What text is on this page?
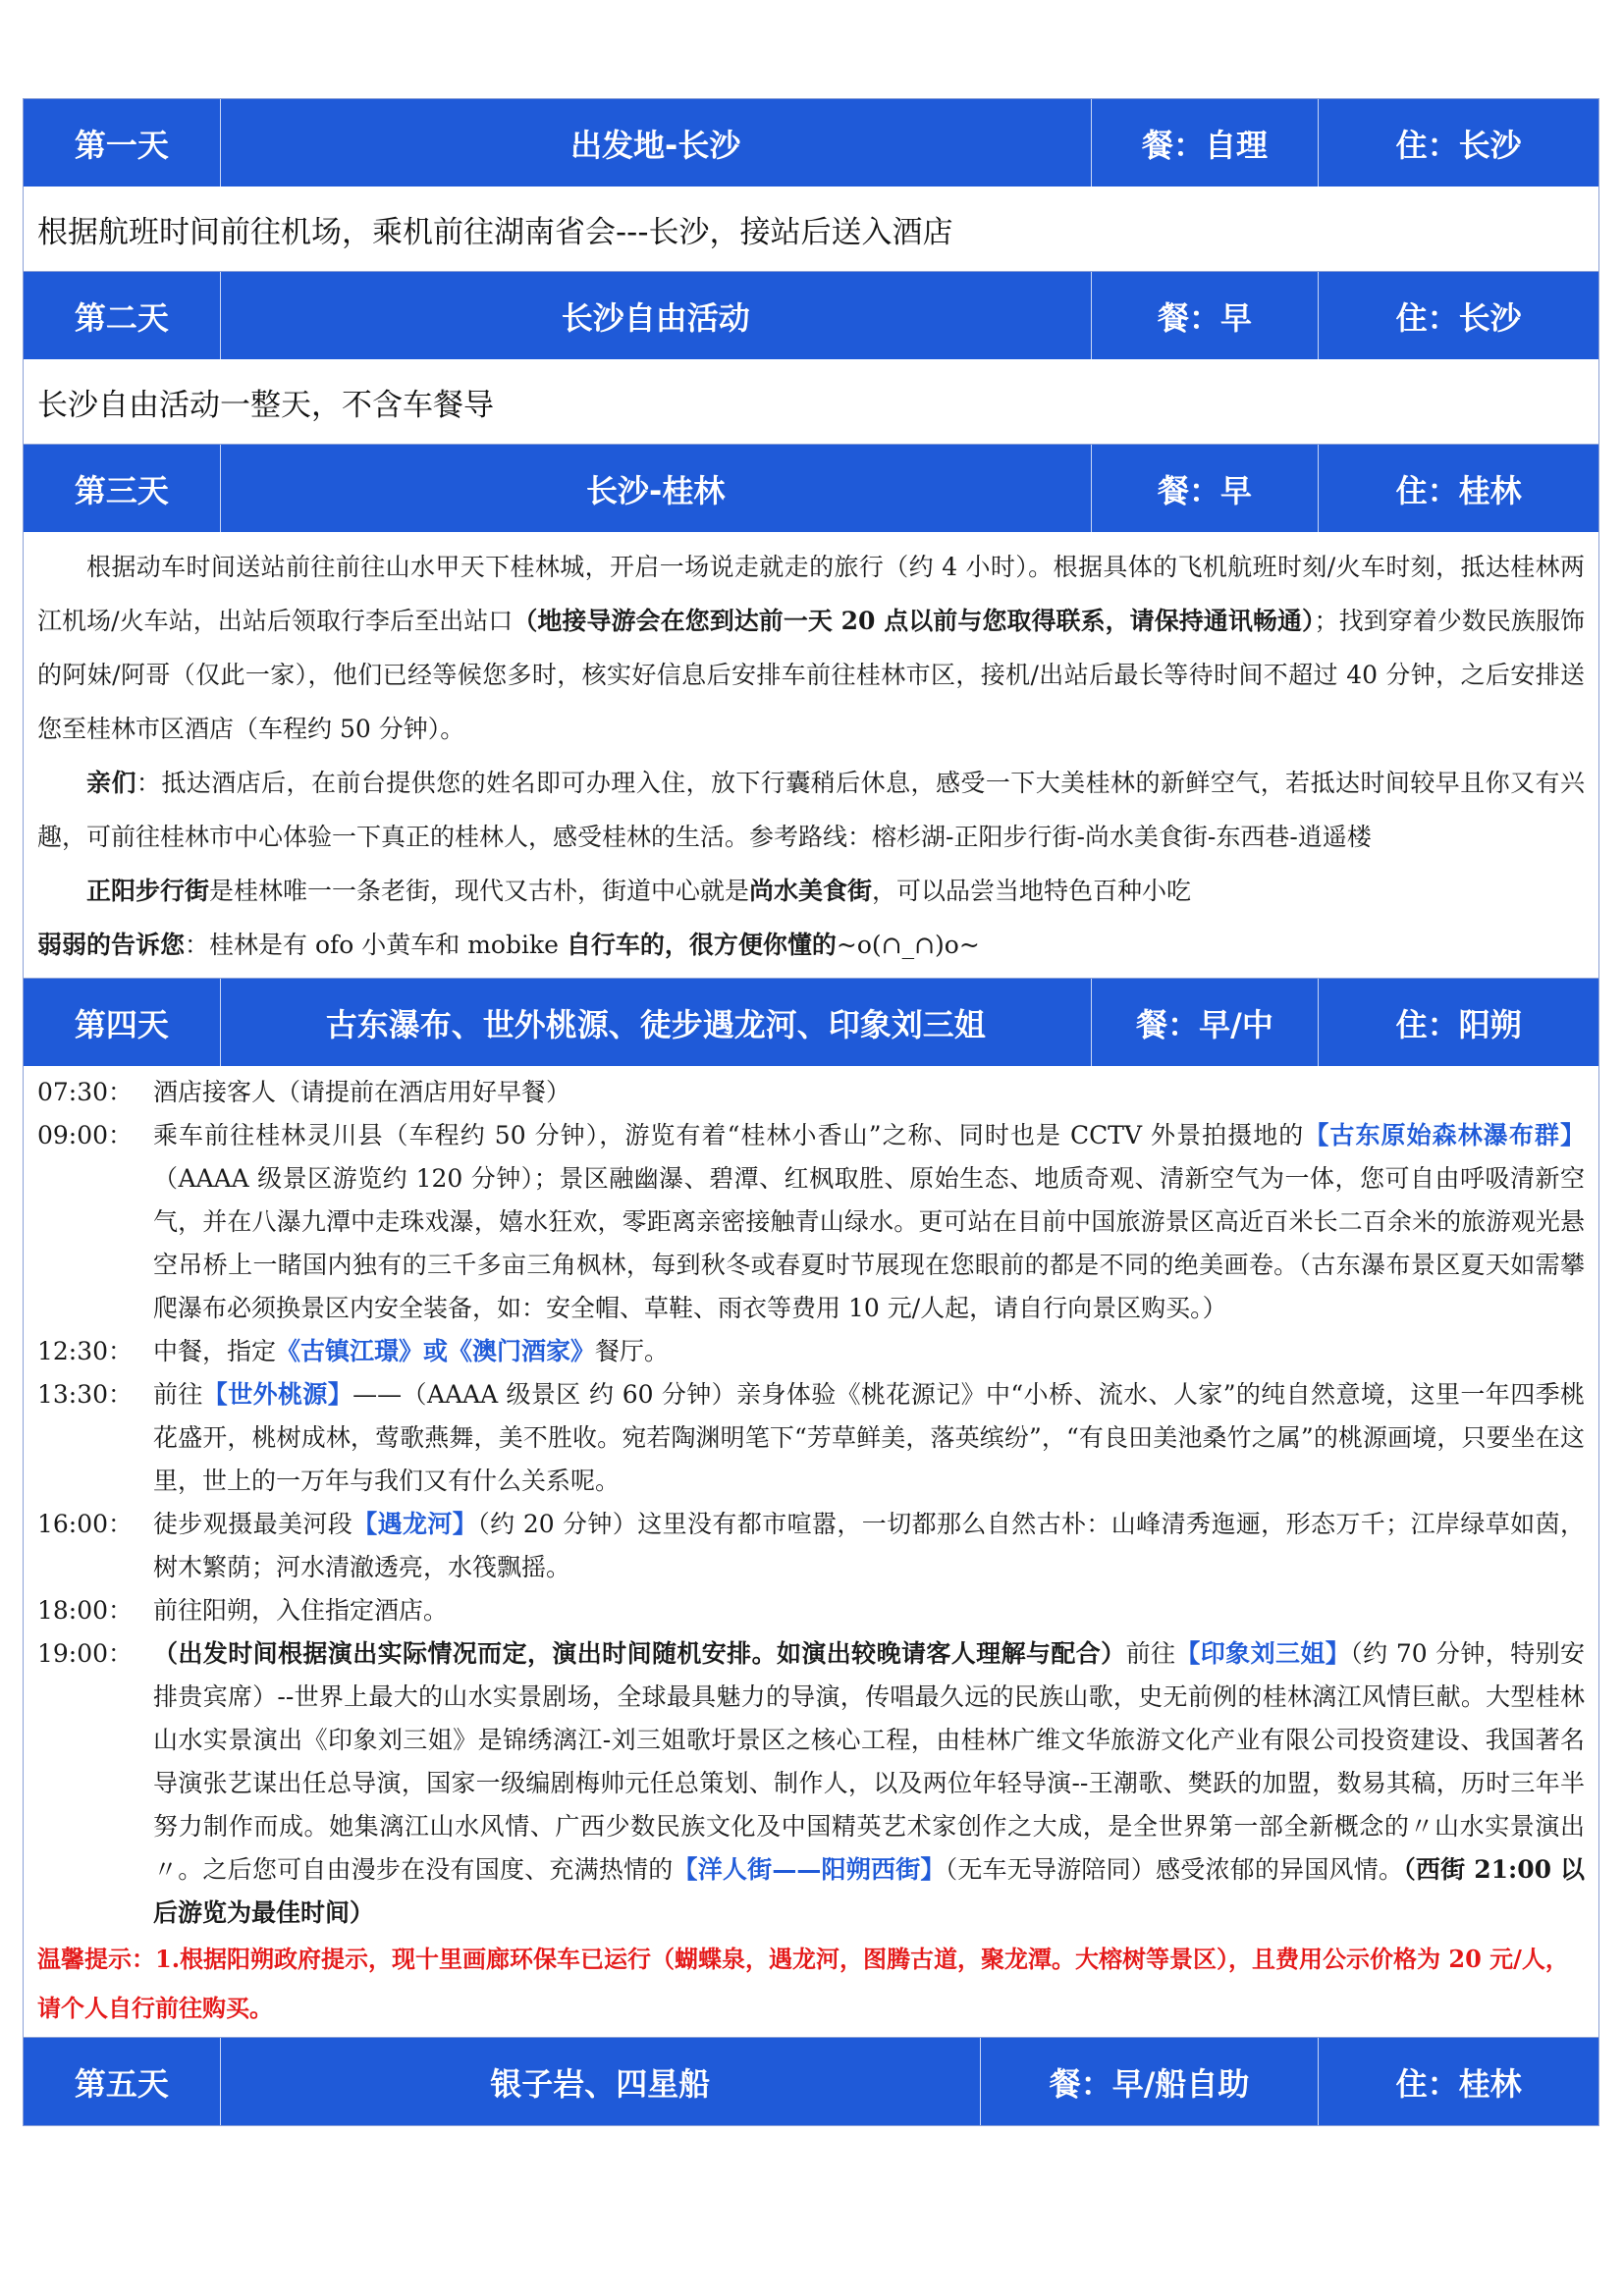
第一天	出发地-长沙	餐：自理	住：长沙
根据航班时间前往机场，乘机前往湖南省会---长沙，接站后送入酒店
第二天	长沙自由活动	餐：早	住：长沙
长沙自由活动一整天，不含车餐导
第三天	长沙-桂林	餐：早	住：桂林

根据动车时间送站前往前往山水甲天下桂林城，开启一场说走就走的旅行（约 4 小时）。根据具体的飞机航班时刻/火车时刻，抵达桂林两江机场/火车站，出站后领取行李后至出站口（地接导游会在您到达前一天 20 点以前与您取得联系，请保持通讯畅通）；找到穿着少数民族服饰的阿妹/阿哥（仅此一家），他们已经等候您多时，核实好信息后安排车前往桂林市区，接机/出站后最长等待时间不超过 40 分钟，之后安排送您至桂林市区酒店（车程约 50 分钟）。

亲们：抵达酒店后，在前台提供您的姓名即可办理入住，放下行囊稍后休息，感受一下大美桂林的新鲜空气，若抵达时间较早且你又有兴趣，可前往桂林市中心体验一下真正的桂林人，感受桂林的生活。参考路线：榕杉湖-正阳步行街-尚水美食街-东西巷-逍遥楼

正阳步行街是桂林唯一一条老街，现代又古朴，街道中心就是尚水美食街，可以品尝当地特色百种小吃

弱弱的告诉您：桂林是有 ofo 小黄车和 mobike 自行车的，很方便你懂的~o(∩_∩)o~

第四天	古东瀑布、世外桃源、徒步遇龙河、印象刘三姐	餐：早/中	住：阳朔
07:30： 酒店接客人（请提前在酒店用好早餐）
09:00： 乘车前往桂林灵川县（车程约 50 分钟），游览有着“桂林小香山”之称、同时也是 CCTV 外景拍摄地的【古东原始森林瀑布群】（AAAA 级景区游览约 120 分钟）；景区融幽瀑、碧潭、红枫取胜、原始生态、地质奇观、清新空气为一体，您可自由呼吸清新空气，并在八瀑九潭中走珠戏瀑，嬉水狂欢，零距离亲密接触青山绿水。更可站在目前中国旅游景区高近百米长二百余米的旅游观光悬空吊桥上一睹国内独有的三千多亩三角枫林，每到秋冬或春夏时节展现在您眼前的都是不同的绝美画卷。（古东瀑布景区夏天如需攀爬瀑布必须换景区内安全装备，如：安全帽、草鞋、雨衣等费用 10 元/人起，请自行向景区购买。）
12:30： 中餐，指定《古镇江璟》或《澳门酒家》餐厅。
13:30： 前往【世外桃源】——（AAAA 级景区 约 60 分钟）亲身体验《桃花源记》中“小桥、流水、人家”的纯自然意境，这里一年四季桃花盛开，桃树成林，莺歌燕舞，美不胜收。宛若陶渊明笔下“芳草鲜美，落英缤纷”，“有良田美池桑竹之属”的桃源画境，只要坐在这里，世上的一万年与我们又有什么关系呢。
16:00： 徒步观摄最美河段【遇龙河】（约 20 分钟）这里没有都市喧嚣，一切都那么自然古朴：山峰清秀迤逦，形态万千；江岸绿草如茵，树木繁荫；河水清澈透亮，水筏飘摇。
18:00： 前往阳朔，入住指定酒店。
19:00： （出发时间根据演出实际情况而定，演出时间随机安排。如演出较晚请客人理解与配合）前往【印象刘三姐】（约 70 分钟，特别安排贵宾席）--世界上最大的山水实景剧场，全球最具魅力的导演，传唱最久远的民族山歌，史无前例的桂林漓江风情巨献。大型桂林山水实景演出《印象刘三姐》是锦绣漓江-刘三姐歌圩景区之核心工程，由桂林广维文华旅游文化产业有限公司投资建设、我国著名导演张艺谋出任总导演，国家一级编剧梅帅元任总策划、制作人，以及两位年轻导演--王潮歌、樊跃的加盟，数易其稿，历时三年半努力制作而成。她集漓江山水风情、广西少数民族文化及中国精英艺术家创作之大成，是全世界第一部全新概念的〃山水实景演出〃。之后您可自由漫步在没有国度、充满热情的【洋人街——阳朔西街】（无车无导游陪同）感受浓郁的异国风情。（西街 21:00 以后游览为最佳时间）
温馨提示：1.根据阳朔政府提示，现十里画廊环保车已运行（蝴蝶泉，遇龙河，图腾古道，聚龙潭。大榕树等景区），且费用公示价格为 20 元/人，请个人自行前往购买。
第五天	银子岩、四星船	餐：早/船自助	住：桂林
